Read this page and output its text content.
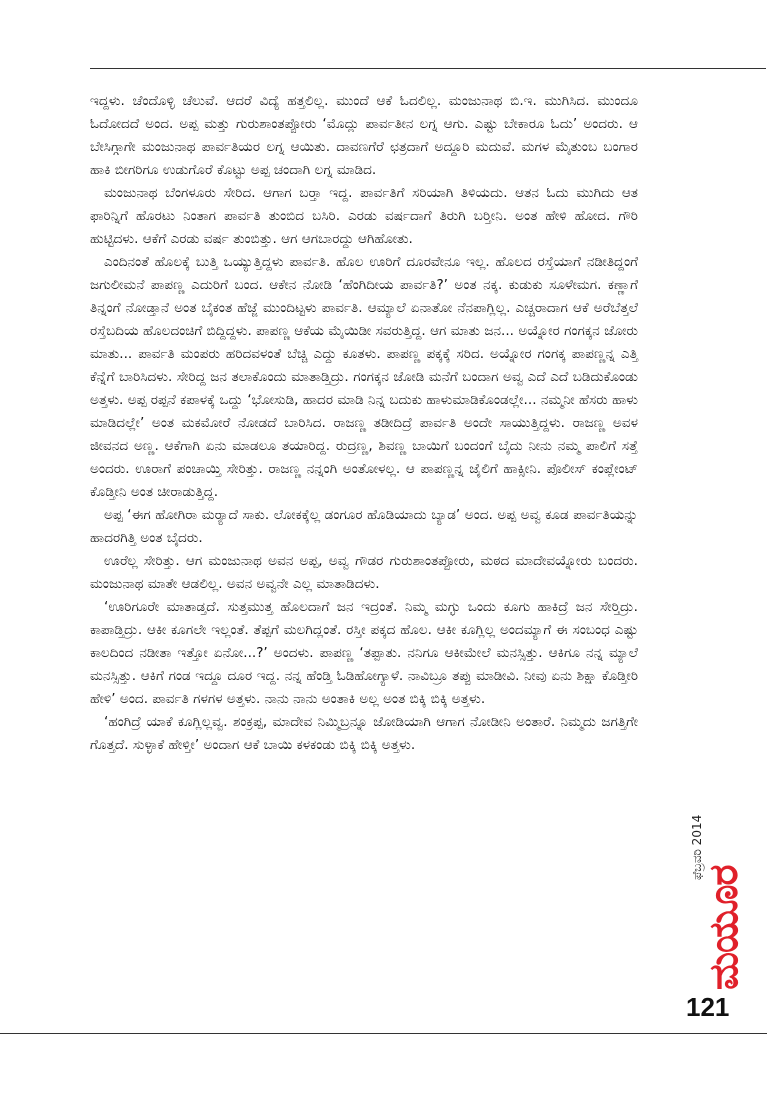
ಇದ್ದಳು. ಚೆಂದೊಳ್ಳಿ ಚೆಲುವೆ. ಆದರೆ ವಿದ್ಯೆ ಹತ್ತಲಿಲ್ಲ. ಮುಂದೆ ಆಕೆ ಓದಲಿಲ್ಲ. ಮಂಜುನಾಥ ಬಿ.ಇ. ಮುಗಿಸಿದ. ಮುಂದೂ ಓದೋದದೆ ಅಂದ. ಅಪ್ಪ ಮತ್ತು ಗುರುಶಾಂತಪ್ಪೋರು ‘ಮೊದ್ಲು ಪಾರ್ವತೀನ ಲಗ್ನ ಆಗು. ಎಷ್ಟು ಬೇಕಾರೂ ಓದು’ ಅಂದರು. ಆ ಬೇಸಿಗ್ಗಾಗೇ ಮಂಜುನಾಥ ಪಾರ್ವತಿಯರ ಲಗ್ನ ಆಯಿತು. ದಾವಣಗೆರೆ ಛತ್ರದಾಗೆ ಅದ್ದೂರಿ ಮದುವೆ. ಮಗಳ ಮೈತುಂಬ ಬಂಗಾರ ಹಾಕಿ ಬೀಗರಿಗೂ ಉಡುಗೊರೆ ಕೊಟ್ಟು ಅಪ್ಪ ಚಂದಾಗಿ ಲಗ್ನ ಮಾಡಿದ.

ಮಂಜುನಾಥ ಬೆಂಗಳೂರು ಸೇರಿದ. ಆಗಾಗ ಬರ್‍ತಾ ಇದ್ದ. ಪಾರ್ವತಿಗೆ ಸರಿಯಾಗಿ ತಿಳಿಯದು. ಆತನ ಓದು ಮುಗಿದು ಆತ ಫಾರಿನ್ನಿಗೆ ಹೊರಟು ನಿಂತಾಗ ಪಾರ್ವತಿ ತುಂಬಿದ ಬಸಿರಿ. ಎರಡು ವರ್ಷದಾಗೆ ತಿರುಗಿ ಬರ್‍ತೀನಿ. ಅಂತ ಹೇಳಿ ಹೋದ. ಗೌರಿ ಹುಟ್ಟಿದಳು. ಆಕೆಗೆ ಎರಡು ವರ್ಷ ತುಂಬಿತ್ತು. ಆಗ ಆಗಬಾರದ್ದು ಆಗಿಹೋತು.

ಎಂದಿನಂತೆ ಹೊಲಕ್ಕೆ ಬುತ್ತಿ ಒಯ್ಯುತ್ತಿದ್ದಳು ಪಾರ್ವತಿ. ಹೊಲ ಊರಿಗೆ ದೂರವೇನೂ ಇಲ್ಲ. ಹೊಲದ ರಸ್ತೆಯಾಗೆ ನಡೀತಿದ್ದಂಗೆ ಜಗುಲೀಮನೆ ಪಾಪಣ್ಣ ಎದುರಿಗೆ ಬಂದ. ಆಕೇನ ನೋಡಿ ‘ಹೆಂಗಿದೀಯ ಪಾರ್ವತಿ?’ ಅಂತ ನಕ್ಕ. ಕುಡುಕು ಸೂಳೇಮಗ. ಕಣ್ಣಾಗೆ ತಿನ್ನಂಗೆ ನೋಡ್ತಾನೆ ಅಂತ ಬೈಕಂತ ಹೆಜ್ಜೆ ಮುಂದಿಟ್ಟಳು ಪಾರ್ವತಿ. ಆಮ್ಯಾಲೆ ಏನಾತೋ ನೆನಪಾಗ್ಲಿಲ್ಲ. ಎಚ್ಚರಾದಾಗ ಆಕೆ ಅರೆಬೆತ್ತಲೆ ರಸ್ತೆಬದಿಯ ಹೊಲದಂಚಿಗೆ ಬಿದ್ದಿದ್ದಳು. ಪಾಪಣ್ಣ ಆಕೆಯ ಮೈಯಿಡೀ ಸವರುತ್ತಿದ್ದ. ಆಗ ಮಾತು ಜನ... ಅಯ್ನೋರ ಗಂಗಕ್ಕನ ಜೋರು ಮಾತು... ಪಾರ್ವತಿ ಮಂಪರು ಹರಿದವಳಂತೆ ಬೆಚ್ಚಿ ಎದ್ದು ಕೂತಳು. ಪಾಪಣ್ಣ ಪಕ್ಕಕ್ಕೆ ಸರಿದ. ಅಯ್ನೋರ ಗಂಗಕ್ಕ ಪಾಪಣ್ಣನ್ನ ಎತ್ತಿ ಕೆನ್ನೆಗೆ ಬಾರಿಸಿದಳು. ಸೇರಿದ್ದ ಜನ ತಲಾಕೊಂದು ಮಾತಾಡ್ತಿದ್ರು. ಗಂಗಕ್ಕನ ಜೋಡಿ ಮನೆಗೆ ಬಂದಾಗ ಅವ್ವ ಎದೆ ಎದೆ ಬಡಿದುಕೊಂಡು ಅತ್ತಳು. ಅಪ್ಪ ರಪ್ಪನೆ ಕಪಾಳಕ್ಕೆ ಒದ್ದು ‘ಭೋಸುಡಿ, ಹಾದರ ಮಾಡಿ ನಿನ್ನ ಬದುಕು ಹಾಳುಮಾಡಿಕೊಂಡಲ್ಲೇ... ನಮ್ಮನೀ ಹೆಸರು ಹಾಳು ಮಾಡಿದಲ್ಲೇ’ ಅಂತ ಮಕಮೋರೆ ನೋಡದೆ ಬಾರಿಸಿದ. ರಾಜಣ್ಣ ತಡೀದಿದ್ರೆ ಪಾರ್ವತಿ ಅಂದೇ ಸಾಯುತ್ತಿದ್ದಳು. ರಾಜಣ್ಣ ಅವಳ ಜೀವನದ ಅಣ್ಣ. ಆಕೆಗಾಗಿ ಏನು ಮಾಡಲೂ ತಯಾರಿದ್ದ. ರುದ್ರಣ್ಣ, ಶಿವಣ್ಣ ಬಾಯಿಗೆ ಬಂದಂಗೆ ಬೈದು ನೀನು ನಮ್ಮ ಪಾಲಿಗೆ ಸತ್ತೆ ಅಂದರು. ಊರಾಗೆ ಪಂಚಾಯ್ತಿ ಸೇರಿತ್ತು. ರಾಜಣ್ಣ ನನ್ನಂಗಿ ಅಂತೋಳಲ್ಲ. ಆ ಪಾಪಣ್ಣನ್ನ ಜೈಲಿಗೆ ಹಾಕ್ಸೀನಿ. ಪೊಲೀಸ್ ಕಂಪ್ಲೇಂಟ್ ಕೊಡ್ತೀನಿ ಅಂತ ಚೀರಾಡುತ್ತಿದ್ದ.

ಅಪ್ಪ ‘ಈಗ ಹೋಗಿರಾ ಮರ್‍ಯಾದೆ ಸಾಕು. ಲೋಕಕ್ಕೆಲ್ಲ ಡಂಗೂರ ಹೊಡಿಯಾದು ಬ್ಯಾಡ’ ಅಂದ. ಅಪ್ಪ ಅವ್ವ ಕೂಡ ಪಾರ್ವತಿಯನ್ನು ಹಾದರಗಿತ್ತಿ ಅಂತ ಬೈದರು.

ಊರೆಲ್ಲ ಸೇರಿತ್ತು. ಆಗ ಮಂಜುನಾಥ ಅವನ ಅಪ್ಪ, ಅವ್ವ ಗೌಡರ ಗುರುಶಾಂತಪ್ಪೋರು, ಮಠದ ಮಾದೇವಯ್ನೋರು ಬಂದರು. ಮಂಜುನಾಥ ಮಾತೇ ಆಡಲಿಲ್ಲ. ಅವನ ಅವ್ವನೇ ಎಲ್ಲ ಮಾತಾಡಿದಳು.

‘ಊರಿಗೂರೇ ಮಾತಾಡ್ತದೆ. ಸುತ್ತಮುತ್ತ ಹೊಲದಾಗೆ ಜನ ಇದ್ರಂತೆ. ನಿಮ್ಮ ಮಗ್ಳು ಒಂದು ಕೂಗು ಹಾಕಿದ್ರೆ ಜನ ಸೇರ್‍ತಿದ್ರು. ಕಾಪಾಡ್ತಿದ್ರು. ಆಕೀ ಕೂಗಲೇ ಇಲ್ಲಂತೆ. ತೆಪ್ಪಗೆ ಮಲಗಿದ್ಲಂತೆ. ರಸ್ತೀ ಪಕ್ಕದ ಹೊಲ. ಆಕೀ ಕೂಗ್ಲಿಲ್ಲ ಅಂದಮ್ಯಾಗೆ ಈ ಸಂಬಂಧ ಎಷ್ಟು ಕಾಲದಿಂದ ನಡೀತಾ ಇತ್ತೋ ಏನೋ...?’ ಅಂದಳು. ಪಾಪಣ್ಣ ‘ತಪ್ಪಾತು. ನನಿಗೂ ಆಕೀಮೇಲೆ ಮನಸ್ಸಿತ್ತು. ಆಕಿಗೂ ನನ್ನ ಮ್ಯಾಲೆ ಮನಸ್ಸಿತ್ತು. ಆಕಿಗೆ ಗಂಡ ಇದ್ದೂ ದೂರ ಇದ್ದ. ನನ್ನ ಹೆಂಡ್ತಿ ಓಡಿಹೋಗ್ಯಾಳೆ. ನಾವಿಬ್ರೂ ತಪ್ಪು ಮಾಡೀವಿ. ನೀವು ಏನು ಶಿಕ್ಷಾ ಕೊಡ್ತೀರಿ ಹೇಳಿ’ ಅಂದ. ಪಾರ್ವತಿ ಗಳಗಳ ಅತ್ತಳು. ನಾನು ನಾನು ಅಂತಾಕಿ ಅಲ್ಲ ಅಂತ ಬಿಕ್ಕಿ ಬಿಕ್ಕಿ ಅತ್ತಳು.

‘ಹಂಗಿದ್ರೆ ಯಾಕೆ ಕೂಗ್ಲಿಲ್ಲವ್ವ. ಶಂಕ್ರಪ್ಪ, ಮಾದೇವ ನಿಮ್ಮಿಬ್ರನ್ನೂ ಜೋಡಿಯಾಗಿ ಆಗಾಗ ನೋಡೀನಿ ಅಂತಾರೆ. ನಿಮ್ಮದು ಜಗತ್ತಿಗೇ ಗೊತ್ತದೆ. ಸುಳ್ಳಾಕೆ ಹೇಳ್ತೀ’ ಅಂದಾಗ ಆಕೆ ಬಾಯಿ ಕಳಕಂಡು ಬಿಕ್ಕಿ ಬಿಕ್ಕಿ ಅತ್ತಳು.

ಮಯೂರ
ಫೆಬ್ರವರಿ 2014
121
